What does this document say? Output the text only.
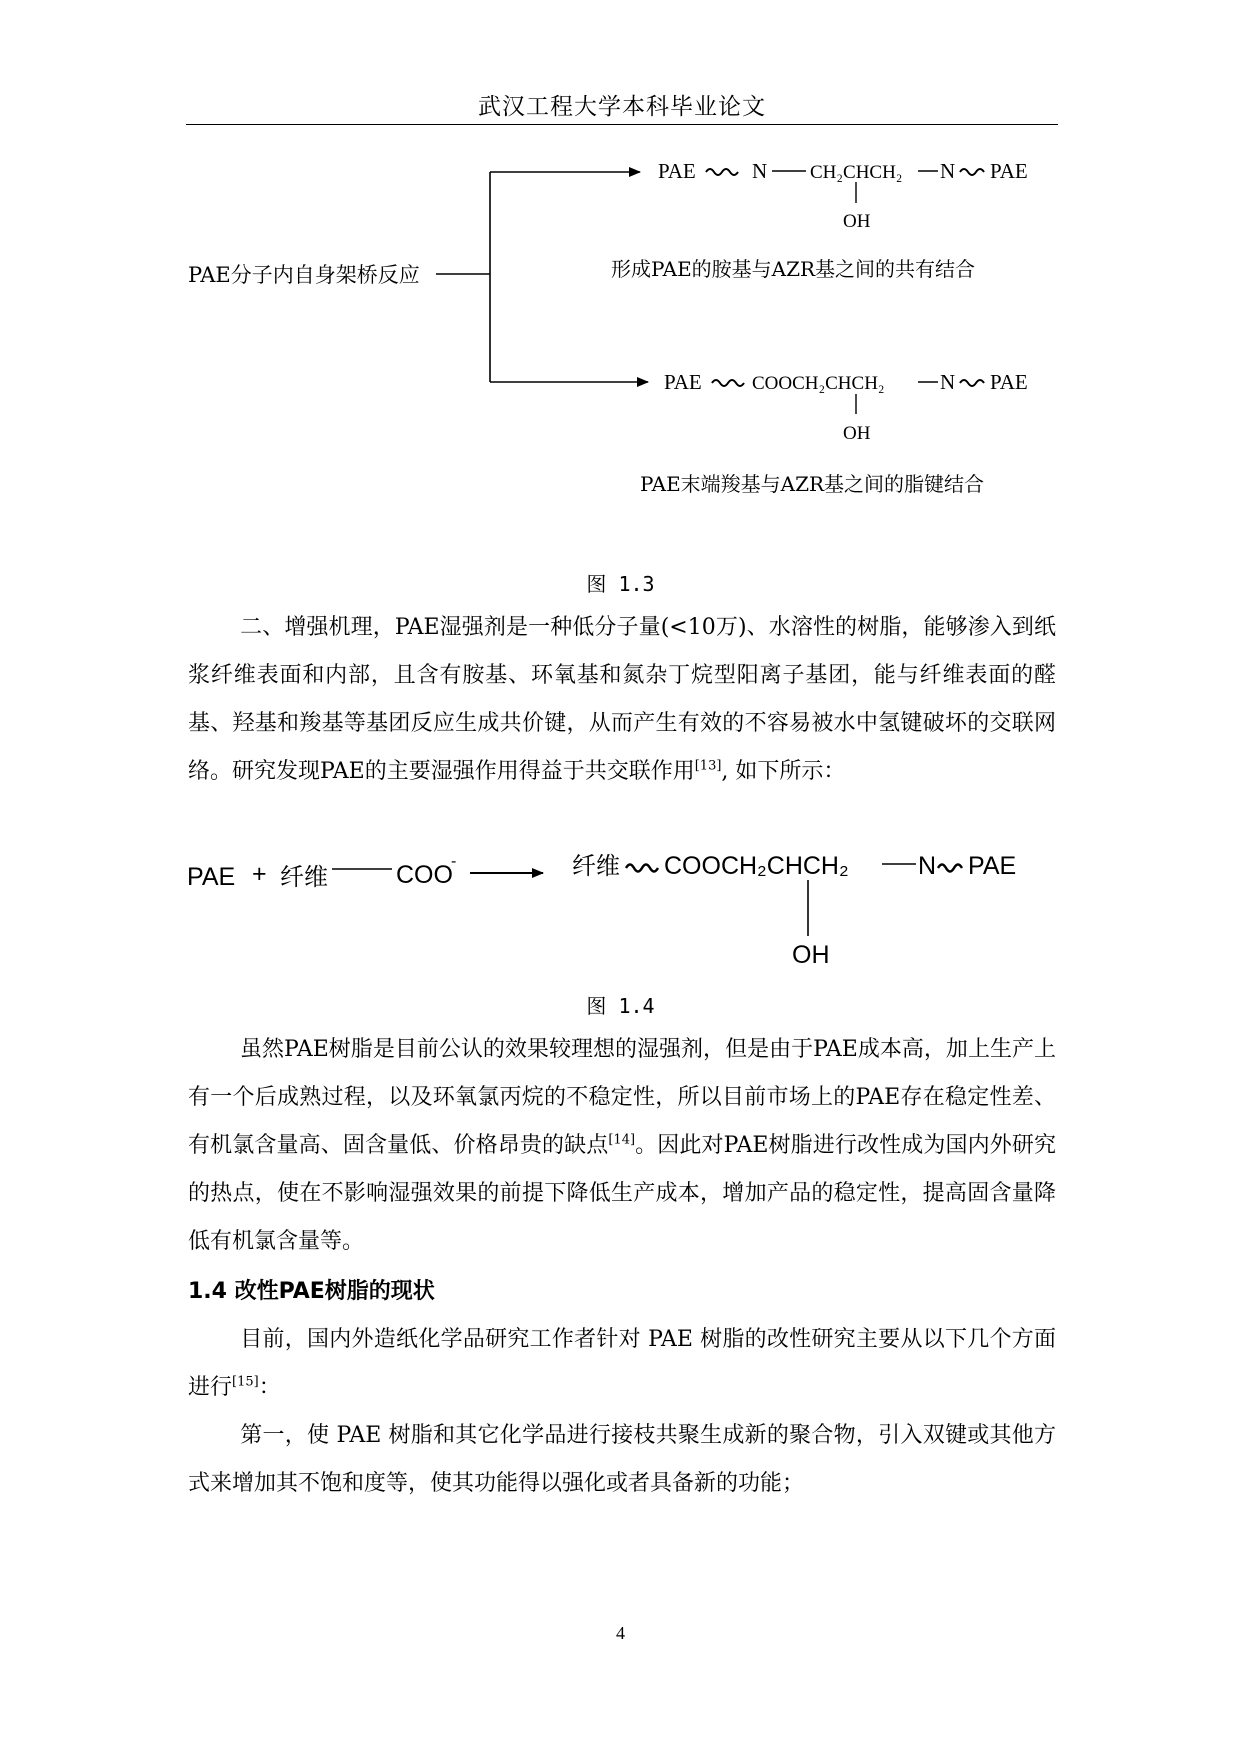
武汉工程大学本科毕业论文
PAE分子内自身架桥反应
PAE	N CH₂CHCH₂ N PAE
OH
形成PAE的胺基与AZR基之间的共有结合
PAE	COOCH₂CHCH₂	N PAE
OH
PAE末端羧基与AZR基之间的脂键结合
PAE + 纤维	COO
-	纤维 COOCH₂CHCH₂	N PAE
OH
图 1.3
图 1.4
二、增强机理，PAE湿强剂是一种低分子量(<10万)、水溶性的树脂，能够渗入到纸浆纤维表面和内部，且含有胺基、环氧基和氮杂丁烷型阳离子基团，能与纤维表面的醛基、羟基和羧基等基团反应生成共价键，从而产生有效的不容易被水中氢键破坏的交联网络。研究发现PAE的主要湿强作用得益于共交联作用[13], 如下所示：
虽然PAE树脂是目前公认的效果较理想的湿强剂，但是由于PAE成本高，加上生产上有一个后成熟过程，以及环氧氯丙烷的不稳定性，所以目前市场上的PAE存在稳定性差、有机氯含量高、固含量低、价格昂贵的缺点[14]。因此对PAE树脂进行改性成为国内外研究的热点，使在不影响湿强效果的前提下降低生产成本，增加产品的稳定性，提高固含量降低有机氯含量等。
1.4 改性PAE树脂的现状
目前，国内外造纸化学品研究工作者针对 PAE 树脂的改性研究主要从以下几个方面进行[15]：
第一，使 PAE 树脂和其它化学品进行接枝共聚生成新的聚合物，引入双键或其他方式来增加其不饱和度等，使其功能得以强化或者具备新的功能；
4
